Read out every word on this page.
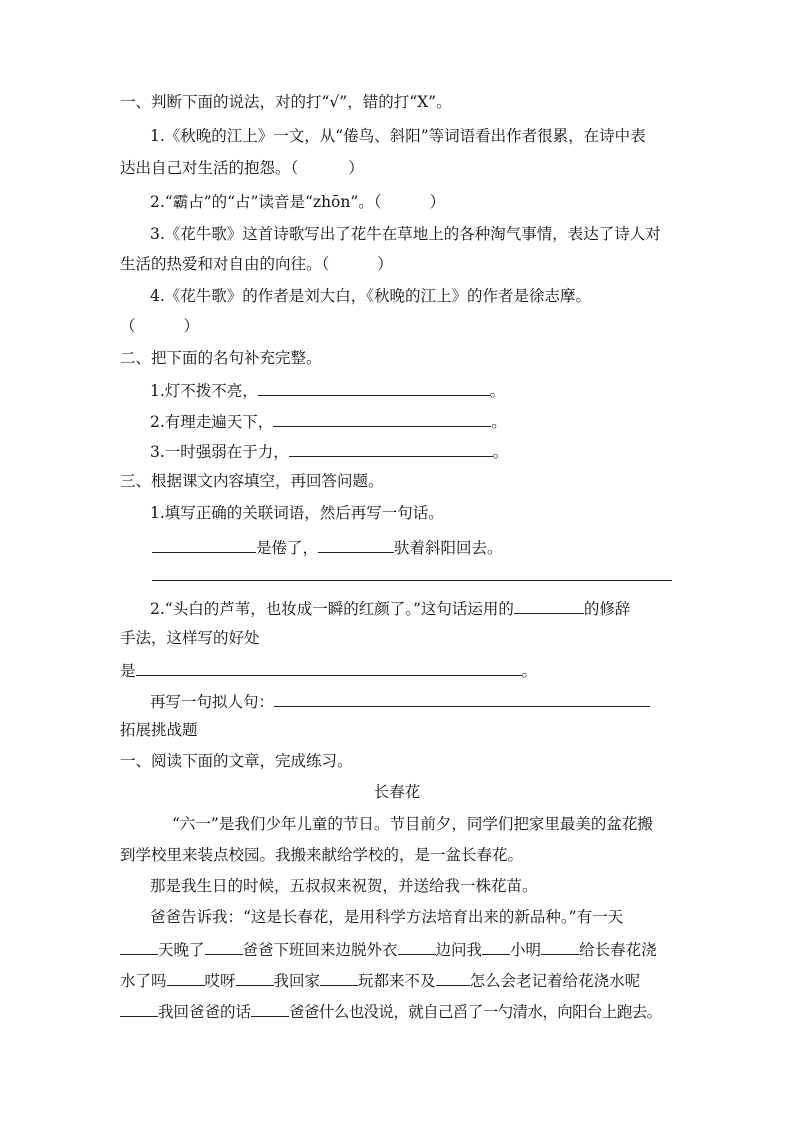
一、判断下面的说法，对的打“√”，错的打“X”。
1.《秋晚的江上》一文，从“倦鸟、斜阳”等词语看出作者很累，在诗中表
达出自己对生活的抱怨。（	）
2.“霸占”的“占”读音是“zhōn”。（	）
3.《花牛歌》这首诗歌写出了花牛在草地上的各种淘气事情，表达了诗人对
生活的热爱和对自由的向往。（	）
4.《花牛歌》的作者是刘大白，《秋晚的江上》的作者是徐志摩。
（	）
二、把下面的名句补充完整。
1.灯不拨不亮，	。
2.有理走遍天下，	。
3.一时强弱在于力，	。
三、根据课文内容填空，再回答问题。
1.填写正确的关联词语，然后再写一句话。
是倦了，	驮着斜阳回去。
2.“头白的芦苇，也妆成一瞬的红颜了。”这句话运用的	的修辞
手法，这样写的好处
是	。
再写一句拟人句：
拓展挑战题
一、阅读下面的文章，完成练习。
长春花
“六一”是我们少年儿童的节日。节目前夕，同学们把家里最美的盆花搬
到学校里来装点校园。我搬来献给学校的，是一盆长春花。
那是我生日的时候，五叔叔来祝贺，并送给我一株花苗。
爸爸告诉我：“这是长春花，是用科学方法培育出来的新品种。”有一天
天晚了 爸爸下班回来边脱外衣 边问我 小明 给长春花浇
水了吗 哎呀 我回家 玩都来不及 怎么会老记着给花浇水呢
我回爸爸的话 爸爸什么也没说，就自己舀了一勺清水，向阳台上跑去。
